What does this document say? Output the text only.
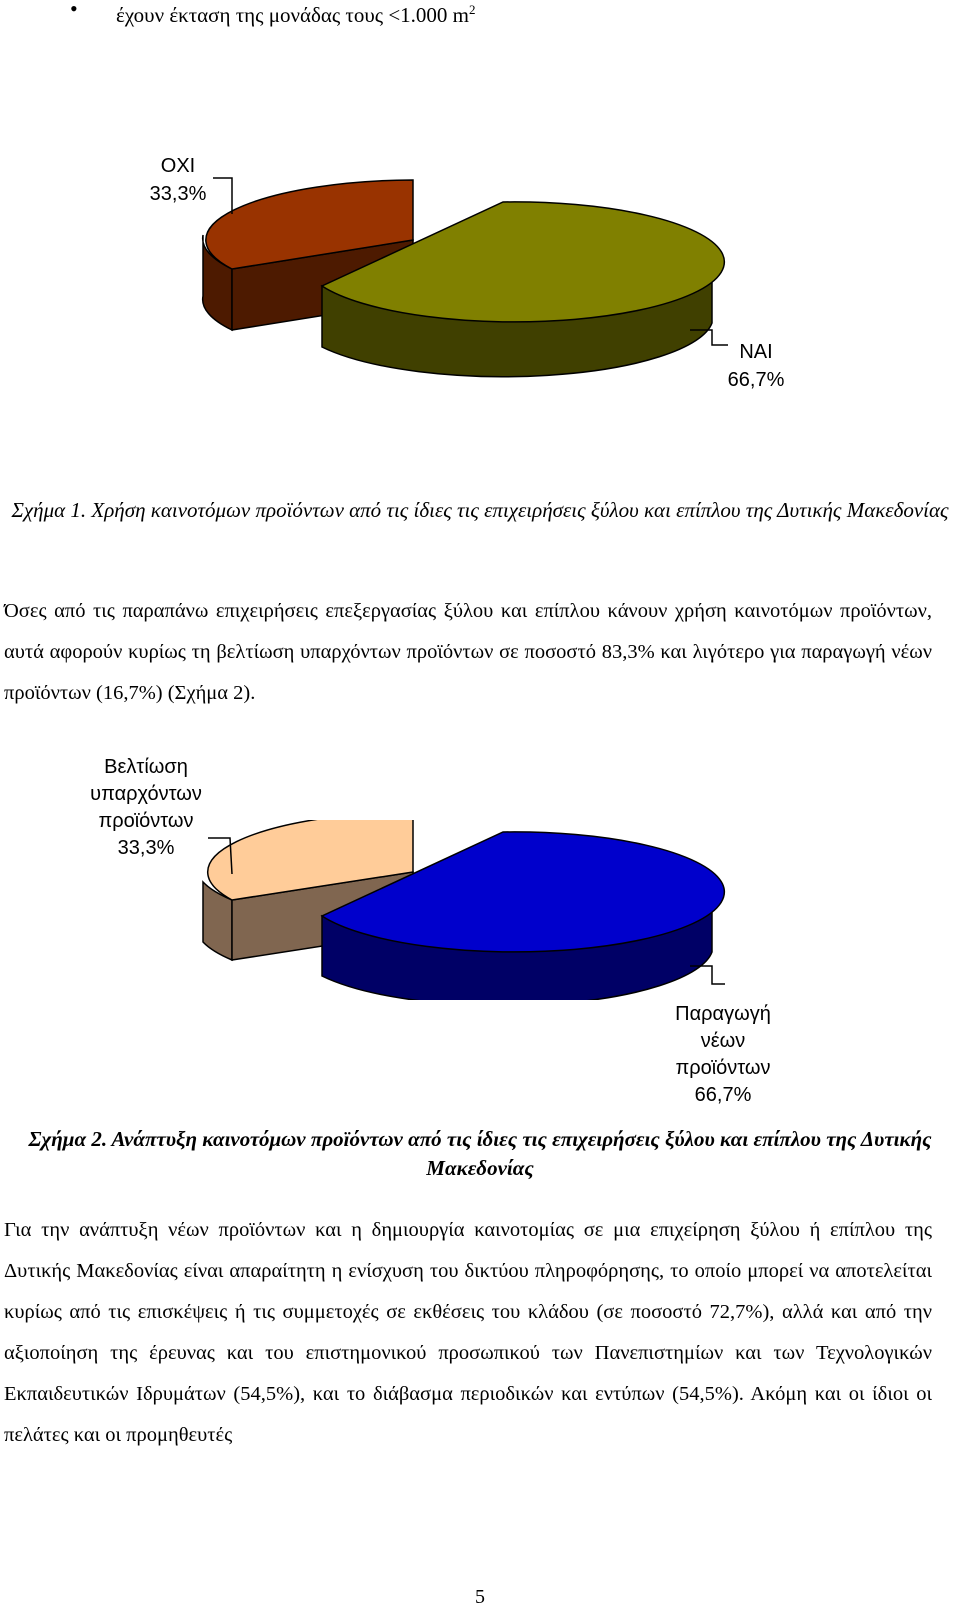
• έχουν έκταση της μονάδας τους <1.000 $m^2$
ΟΧΙ
33,3%
ΝΑΙ
66,7%
Σχήμα 1. Χρήση καινοτόμων προϊόντων από τις ίδιες τις επιχειρήσεις ξύλου και επίπλου της Δυτικής Μακεδονίας
Όσες από τις παραπάνω επιχειρήσεις επεξεργασίας ξύλου και επίπλου κάνουν χρήση καινοτόμων προϊόντων, αυτά αφορούν κυρίως τη βελτίωση υπαρχόντων προϊόντων σε ποσοστό 83,3% και λιγότερο για παραγωγή νέων προϊόντων (16,7%) (Σχήμα 2).
Βελτίωση
υπαρχόντων
προϊόντων
33,3%
Παραγωγή
νέων
προϊόντων
66,7%
Σχήμα 2. Ανάπτυξη καινοτόμων προϊόντων από τις ίδιες τις επιχειρήσεις ξύλου και επίπλου της Δυτικής Μακεδονίας
Για την ανάπτυξη νέων προϊόντων και η δημιουργία καινοτομίας σε μια επιχείρηση ξύλου ή επίπλου της Δυτικής Μακεδονίας είναι απαραίτητη η ενίσχυση του δικτύου πληροφόρησης, το οποίο μπορεί να αποτελείται κυρίως από τις επισκέψεις ή τις συμμετοχές σε εκθέσεις του κλάδου (σε ποσοστό 72,7%), αλλά και από την αξιοποίηση της έρευνας και του επιστημονικού προσωπικού των Πανεπιστημίων και των Τεχνολογικών Εκπαιδευτικών Ιδρυμάτων (54,5%), και το διάβασμα περιοδικών και εντύπων (54,5%). Ακόμη και οι ίδιοι οι πελάτες και οι προμηθευτές
5
